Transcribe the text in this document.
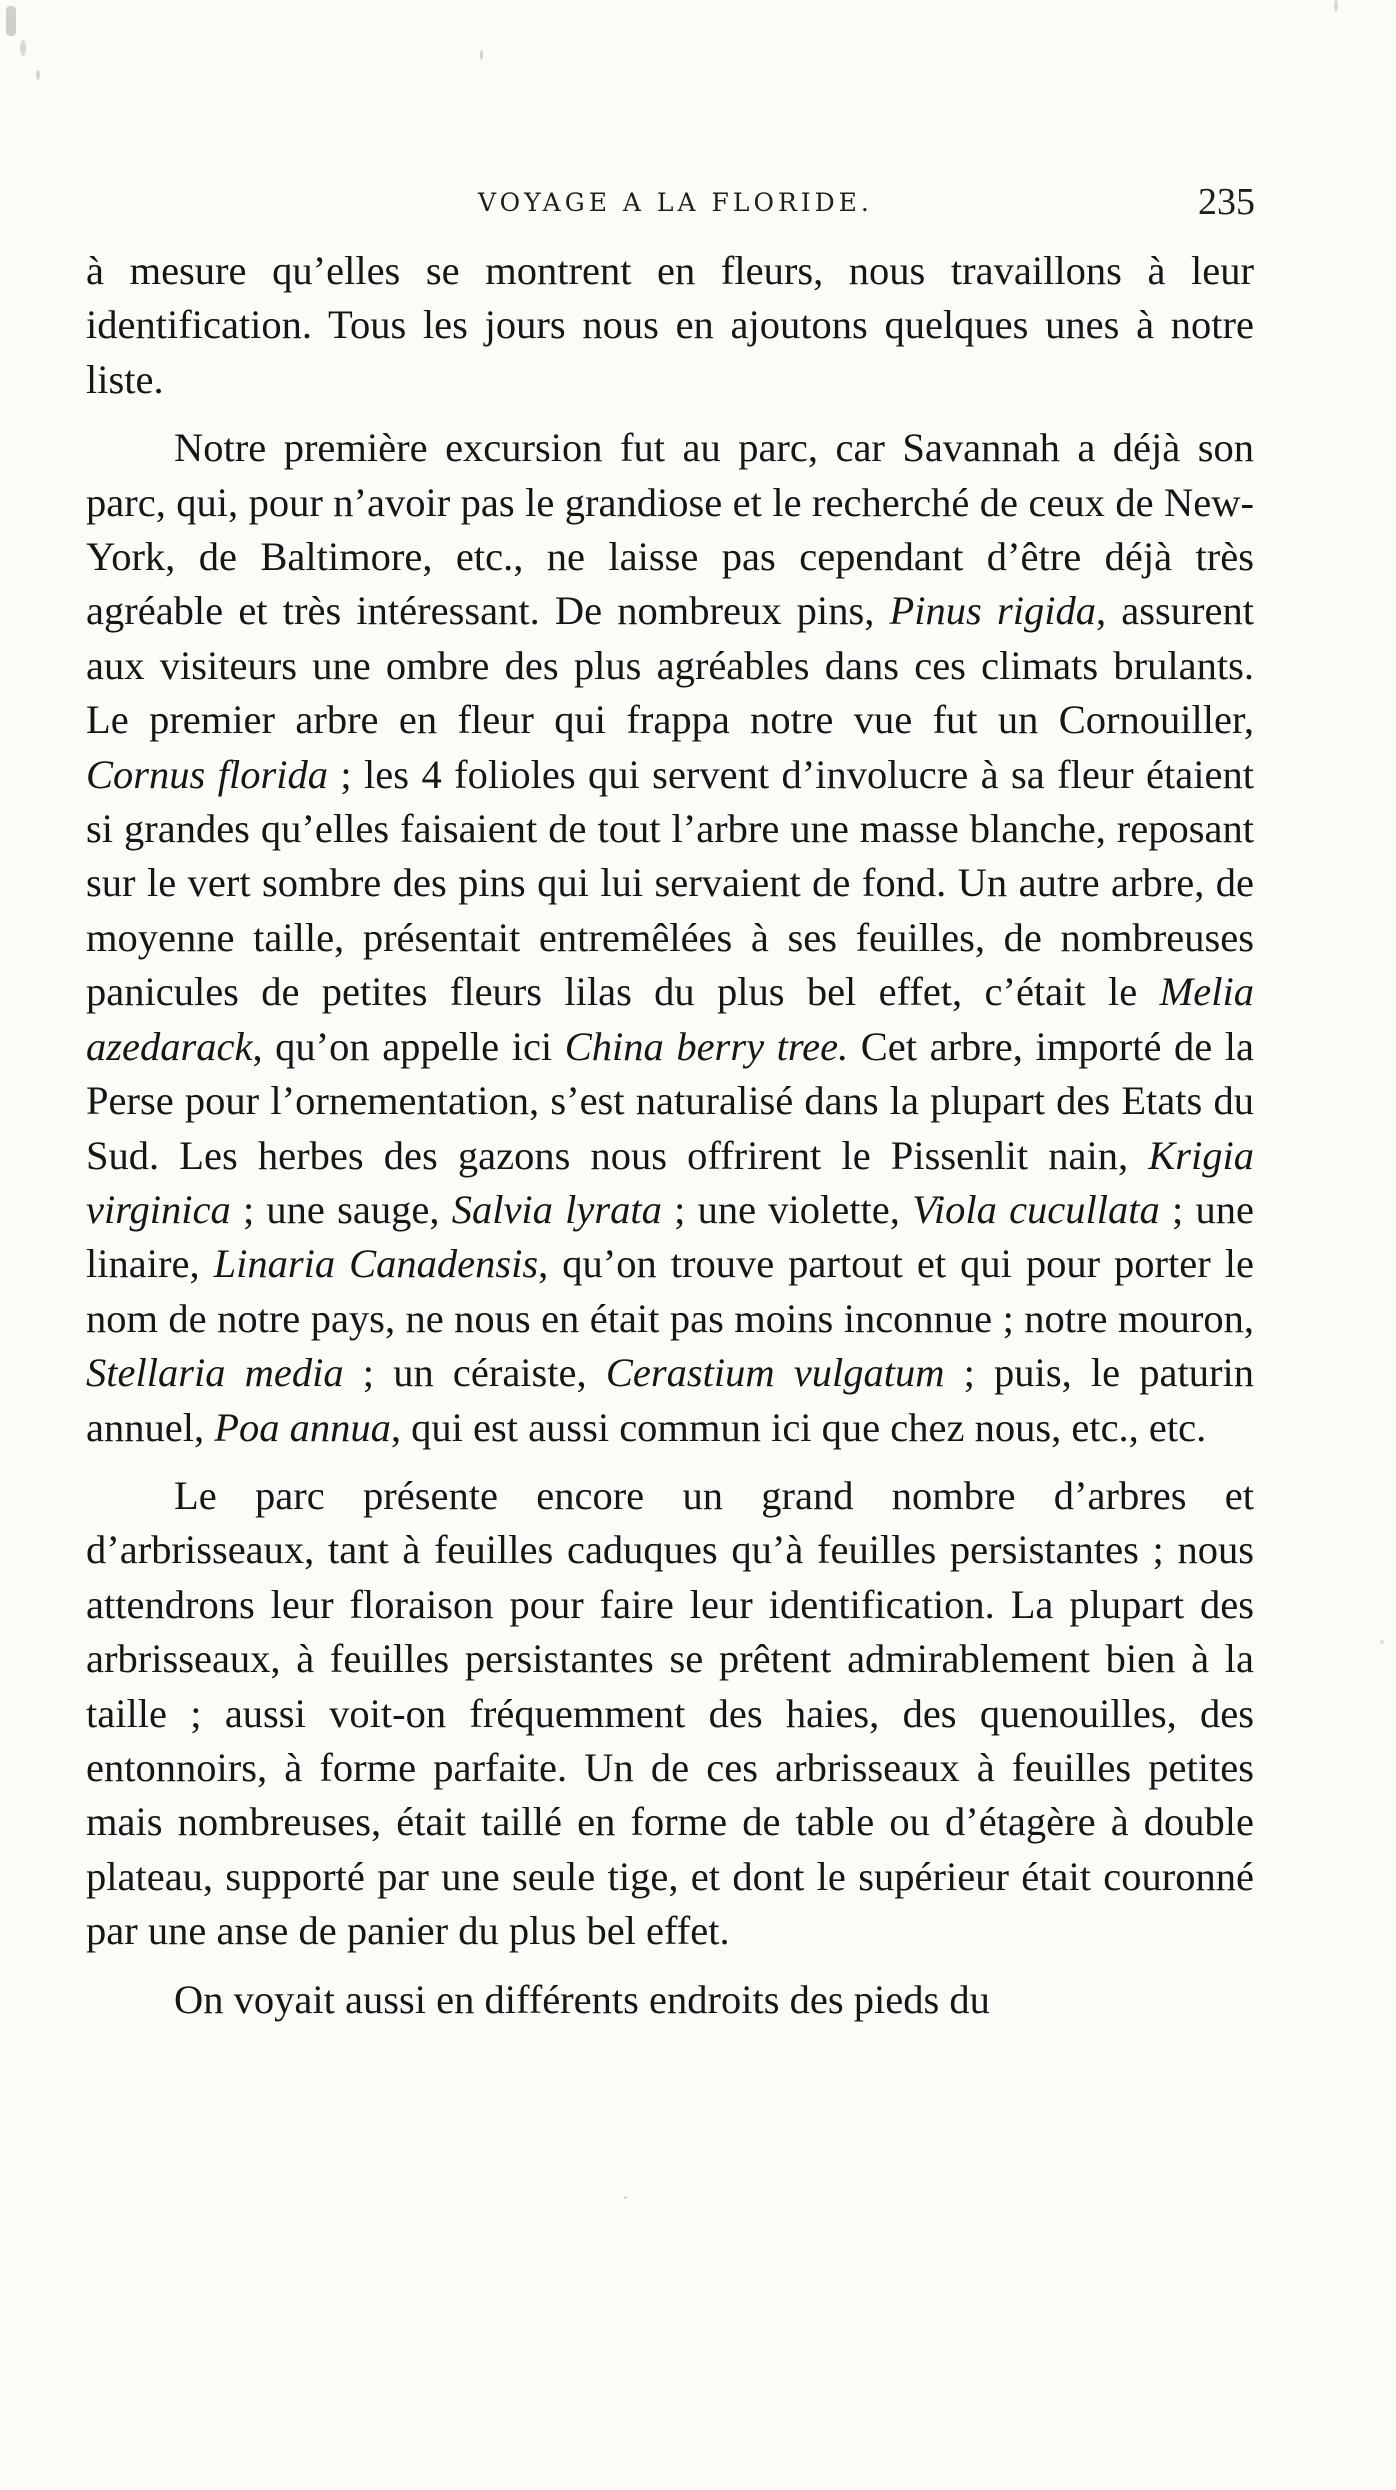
VOYAGE A LA FLORIDE.	235

à mesure qu’elles se montrent en fleurs, nous travaillons à leur identification. Tous les jours nous en ajoutons quelques unes à notre liste.

Notre première excursion fut au parc, car Savannah a déjà son parc, qui, pour n’avoir pas le grandiose et le recherché de ceux de New-York, de Baltimore, etc., ne laisse pas cependant d’être déjà très agréable et très intéressant. De nombreux pins, Pinus rigida, assurent aux visiteurs une ombre des plus agréables dans ces climats brulants. Le premier arbre en fleur qui frappa notre vue fut un Cornouiller, Cornus florida ; les 4 folioles qui servent d’involucre à sa fleur étaient si grandes qu’elles faisaient de tout l’arbre une masse blanche, reposant sur le vert sombre des pins qui lui servaient de fond. Un autre arbre, de moyenne taille, présentait entremêlées à ses feuilles, de nombreuses panicules de petites fleurs lilas du plus bel effet, c’était le Melia azedarack, qu’on appelle ici China berry tree. Cet arbre, importé de la Perse pour l’ornementation, s’est naturalisé dans la plupart des Etats du Sud. Les herbes des gazons nous offrirent le Pissenlit nain, Krigia virginica ; une sauge, Salvia lyrata ; une violette, Viola cucullata ; une linaire, Linaria Canadensis, qu’on trouve partout et qui pour porter le nom de notre pays, ne nous en était pas moins inconnue ; notre mouron, Stellaria media ; un céraiste, Cerastium vulgatum ; puis, le paturin annuel, Poa annua, qui est aussi commun ici que chez nous, etc., etc.

Le parc présente encore un grand nombre d’arbres et d’arbrisseaux, tant à feuilles caduques qu’à feuilles persistantes ; nous attendrons leur floraison pour faire leur identification. La plupart des arbrisseaux, à feuilles persistantes se prêtent admirablement bien à la taille ; aussi voit-on fréquemment des haies, des quenouilles, des entonnoirs, à forme parfaite. Un de ces arbrisseaux à feuilles petites mais nombreuses, était taillé en forme de table ou d’étagère à double plateau, supporté par une seule tige, et dont le supérieur était couronné par une anse de panier du plus bel effet.

On voyait aussi en différents endroits des pieds du
